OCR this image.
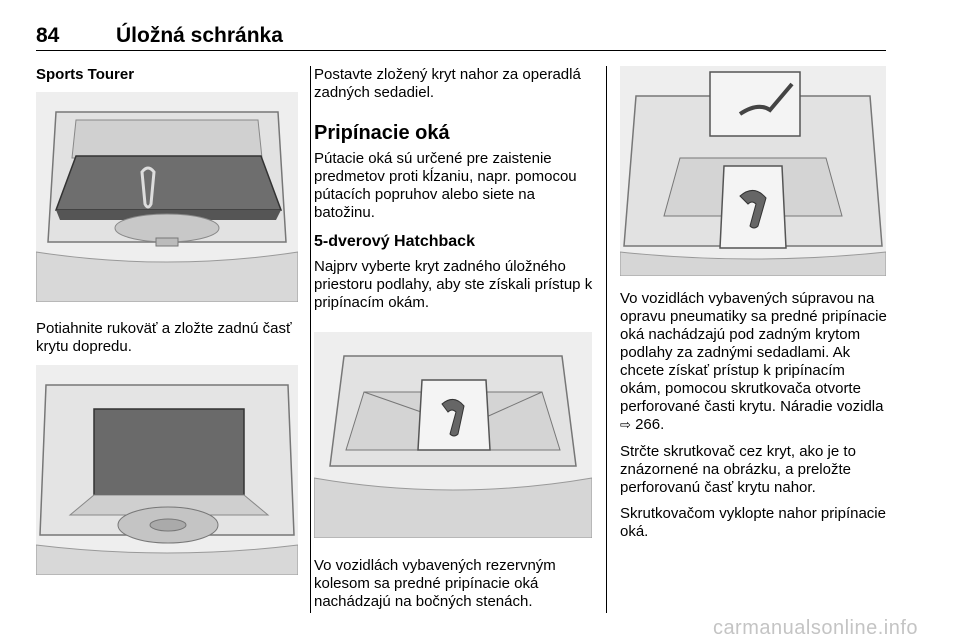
84	Úložná schránka

Sports Tourer

Potiahnite rukoväť a zložte zadnú časť krytu dopredu.

Postavte zložený kryt nahor za operadlá zadných sedadiel.

Pripínacie oká

Pútacie oká sú určené pre zaistenie predmetov proti kĺzaniu, napr. pomocou pútacích popruhov alebo siete na batožinu.

5-dverový Hatchback

Najprv vyberte kryt zadného úložného priestoru podlahy, aby ste získali prístup k pripínacím okám.

Vo vozidlách vybavených rezervným kolesom sa predné pripínacie oká nachádzajú na bočných stenách.

Vo vozidlách vybavených súpravou na opravu pneumatiky sa predné pripínacie oká nachádzajú pod zadným krytom podlahy za zadnými sedadlami. Ak chcete získať prístup k pripínacím okám, pomocou skrutkovača otvorte perforované časti krytu. Náradie vozidla ⇨ 266.

Strčte skrutkovač cez kryt, ako je to znázornené na obrázku, a preložte perforovanú časť krytu nahor.

Skrutkovačom vyklopte nahor pripínacie oká.

carmanualsonline.info
